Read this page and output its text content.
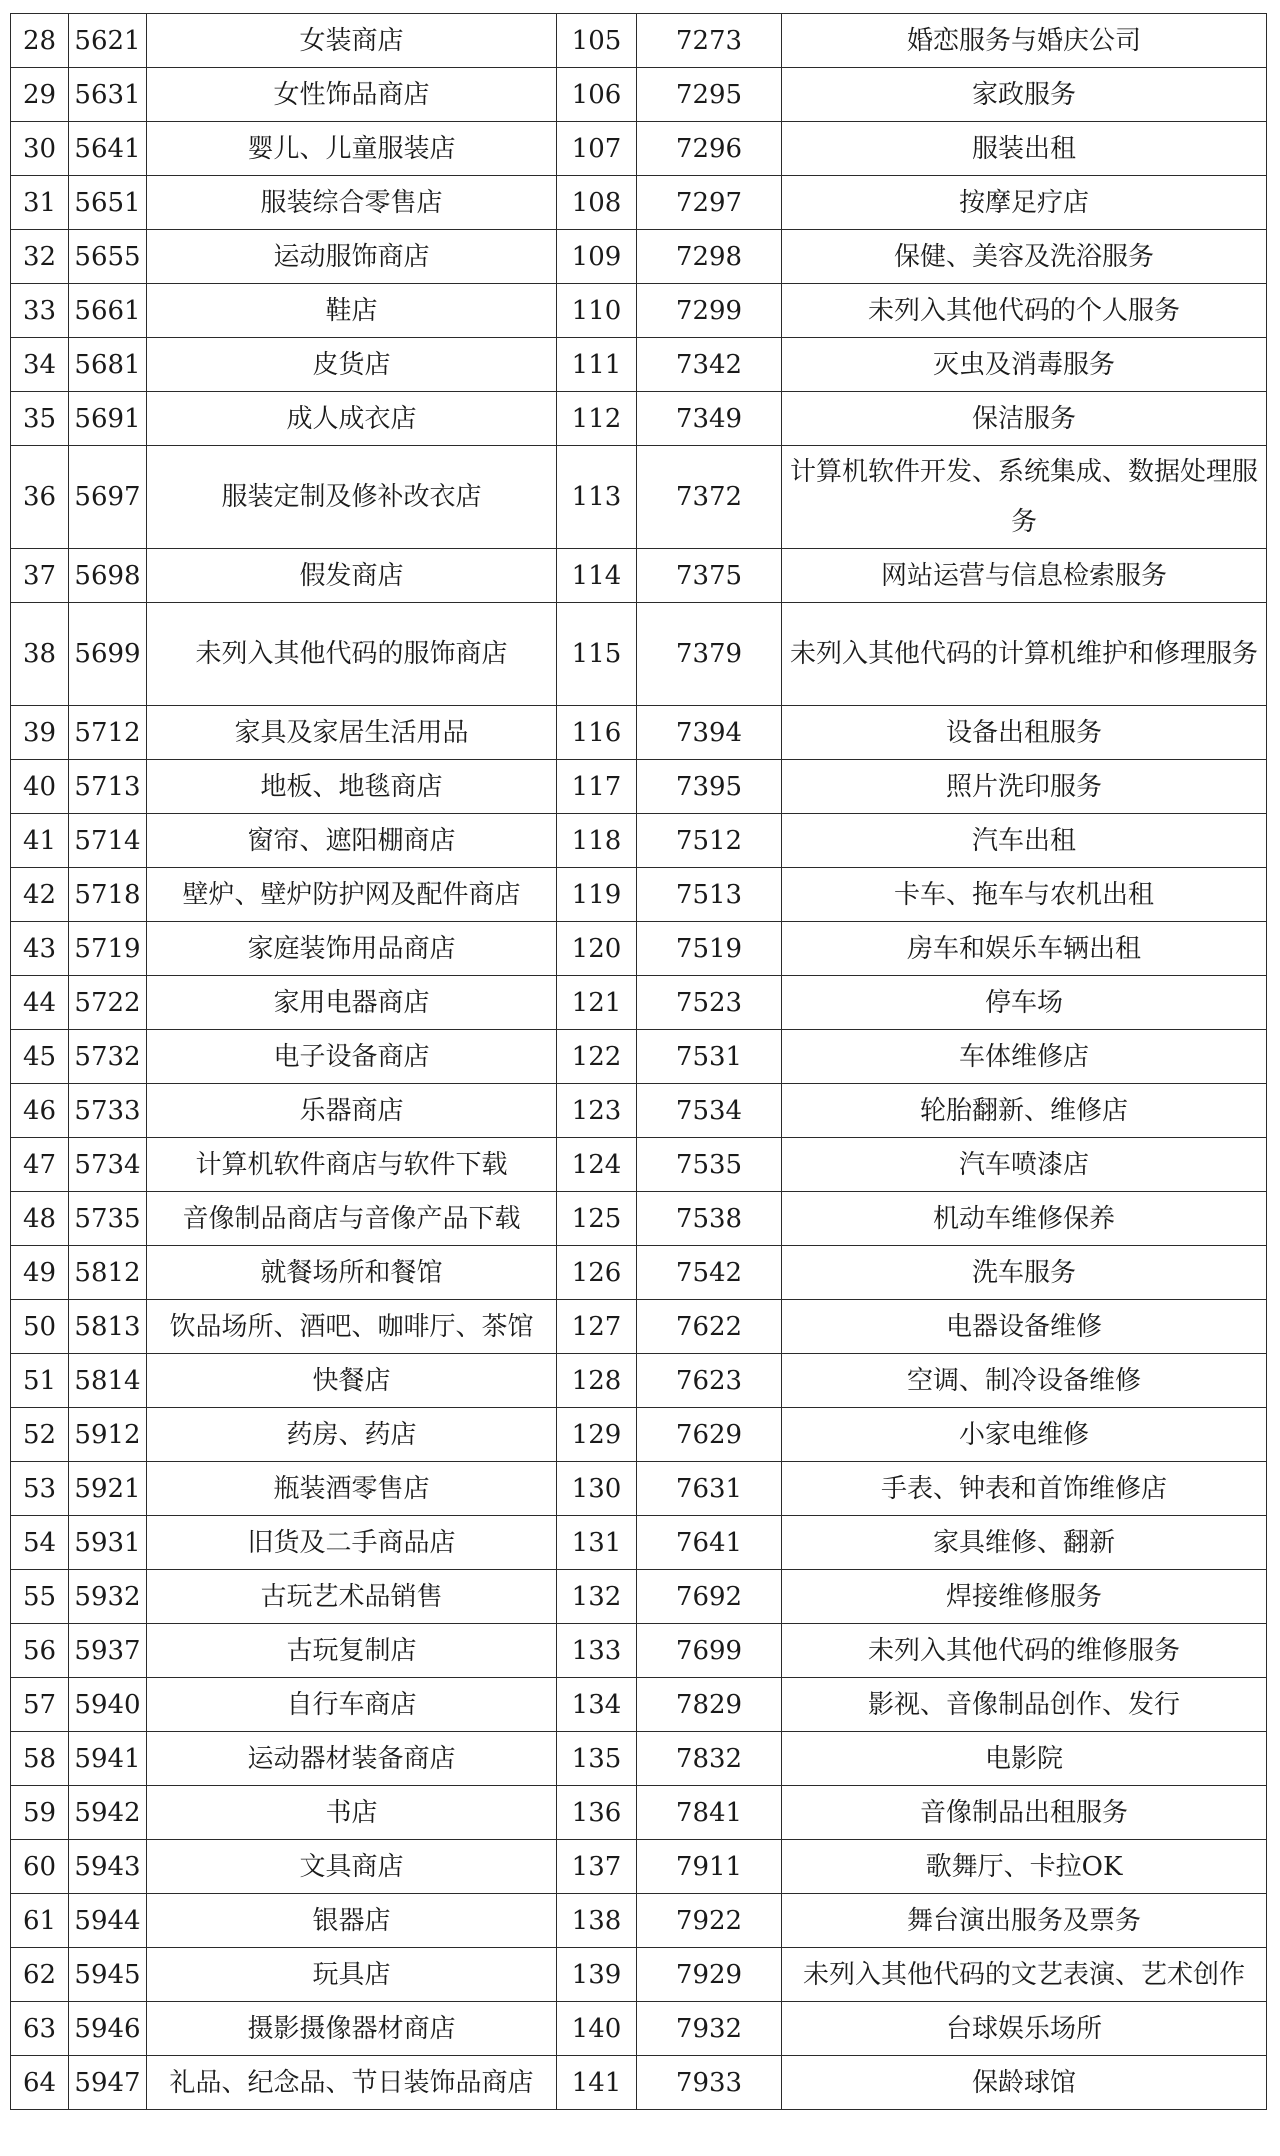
28	5621	女装商店	105	7273	婚恋服务与婚庆公司
29	5631	女性饰品商店	106	7295	家政服务
30	5641	婴儿、儿童服装店	107	7296	服装出租
31	5651	服装综合零售店	108	7297	按摩足疗店
32	5655	运动服饰商店	109	7298	保健、美容及洗浴服务
33	5661	鞋店	110	7299	未列入其他代码的个人服务
34	5681	皮货店	111	7342	灭虫及消毒服务
35	5691	成人成衣店	112	7349	保洁服务
36	5697	服装定制及修补改衣店	113	7372	计算机软件开发、系统集成、数据处理服务
37	5698	假发商店	114	7375	网站运营与信息检索服务
38	5699	未列入其他代码的服饰商店	115	7379	未列入其他代码的计算机维护和修理服务
39	5712	家具及家居生活用品	116	7394	设备出租服务
40	5713	地板、地毯商店	117	7395	照片洗印服务
41	5714	窗帘、遮阳棚商店	118	7512	汽车出租
42	5718	壁炉、壁炉防护网及配件商店	119	7513	卡车、拖车与农机出租
43	5719	家庭装饰用品商店	120	7519	房车和娱乐车辆出租
44	5722	家用电器商店	121	7523	停车场
45	5732	电子设备商店	122	7531	车体维修店
46	5733	乐器商店	123	7534	轮胎翻新、维修店
47	5734	计算机软件商店与软件下载	124	7535	汽车喷漆店
48	5735	音像制品商店与音像产品下载	125	7538	机动车维修保养
49	5812	就餐场所和餐馆	126	7542	洗车服务
50	5813	饮品场所、酒吧、咖啡厅、茶馆	127	7622	电器设备维修
51	5814	快餐店	128	7623	空调、制冷设备维修
52	5912	药房、药店	129	7629	小家电维修
53	5921	瓶装酒零售店	130	7631	手表、钟表和首饰维修店
54	5931	旧货及二手商品店	131	7641	家具维修、翻新
55	5932	古玩艺术品销售	132	7692	焊接维修服务
56	5937	古玩复制店	133	7699	未列入其他代码的维修服务
57	5940	自行车商店	134	7829	影视、音像制品创作、发行
58	5941	运动器材装备商店	135	7832	电影院
59	5942	书店	136	7841	音像制品出租服务
60	5943	文具商店	137	7911	歌舞厅、卡拉OK
61	5944	银器店	138	7922	舞台演出服务及票务
62	5945	玩具店	139	7929	未列入其他代码的文艺表演、艺术创作
63	5946	摄影摄像器材商店	140	7932	台球娱乐场所
64	5947	礼品、纪念品、节日装饰品商店	141	7933	保龄球馆
